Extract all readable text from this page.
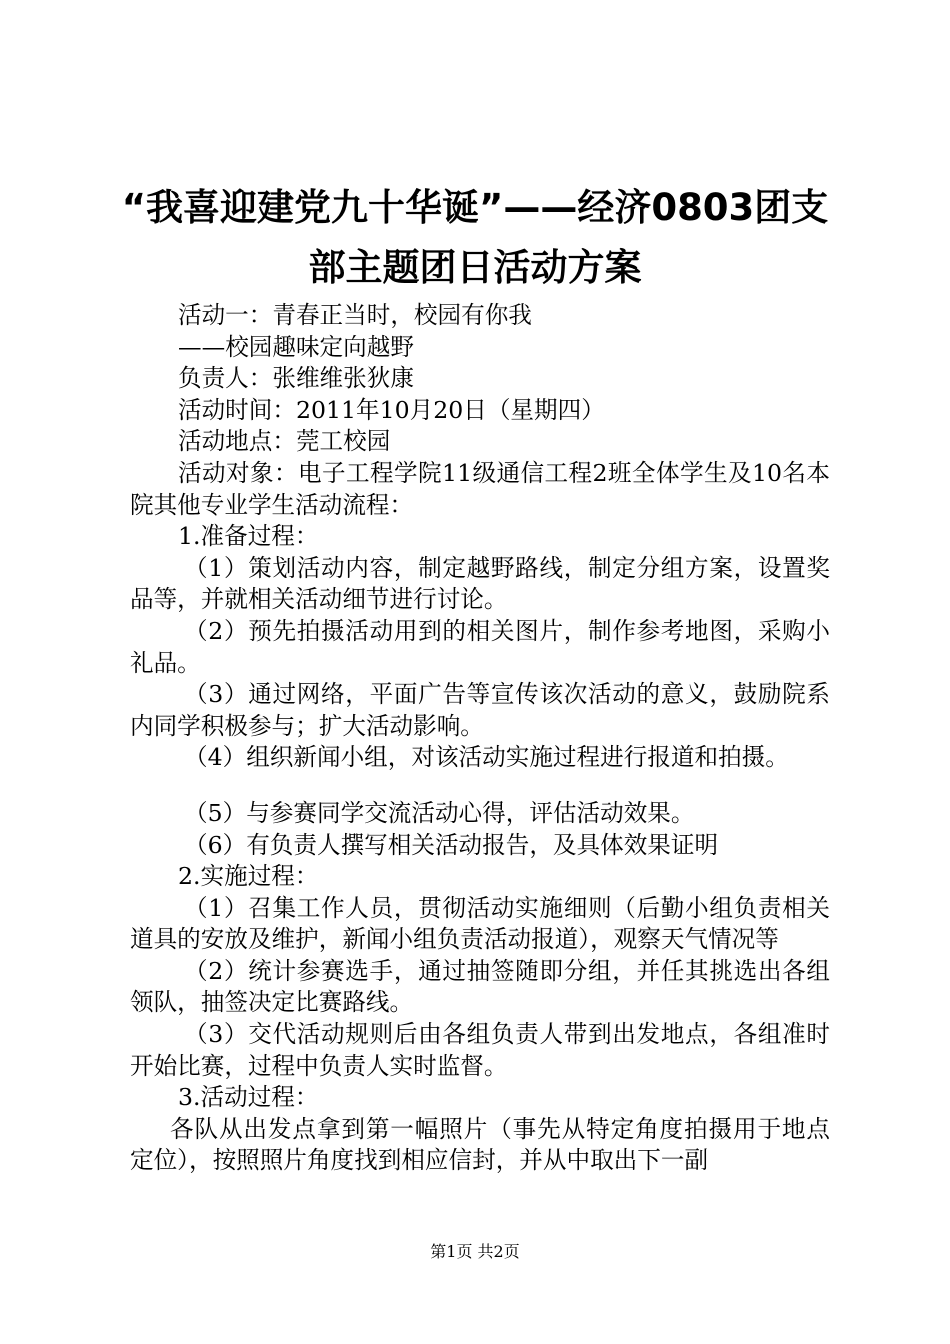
“我喜迎建党九十华诞”——经济0803团支
部主题团日活动方案

活动一：青春正当时，校园有你我

——校园趣味定向越野

负责人：张维维张狄康

活动时间：2011年10月20日（星期四）

活动地点：莞工校园

活动对象：电子工程学院11级通信工程2班全体学生及10名本院其他专业学生活动流程：

1.准备过程：

（1）策划活动内容，制定越野路线，制定分组方案，设置奖品等，并就相关活动细节进行讨论。

（2）预先拍摄活动用到的相关图片，制作参考地图，采购小礼品。

（3）通过网络，平面广告等宣传该次活动的意义，鼓励院系内同学积极参与；扩大活动影响。

（4）组织新闻小组，对该活动实施过程进行报道和拍摄。

（5）与参赛同学交流活动心得，评估活动效果。

（6）有负责人撰写相关活动报告，及具体效果证明

2.实施过程：

（1）召集工作人员，贯彻活动实施细则（后勤小组负责相关道具的安放及维护，新闻小组负责活动报道），观察天气情况等

（2）统计参赛选手，通过抽签随即分组，并任其挑选出各组领队，抽签决定比赛路线。

（3）交代活动规则后由各组负责人带到出发地点，各组准时开始比赛，过程中负责人实时监督。

3.活动过程：

各队从出发点拿到第一幅照片（事先从特定角度拍摄用于地点定位），按照照片角度找到相应信封，并从中取出下一副

第1页 共2页
